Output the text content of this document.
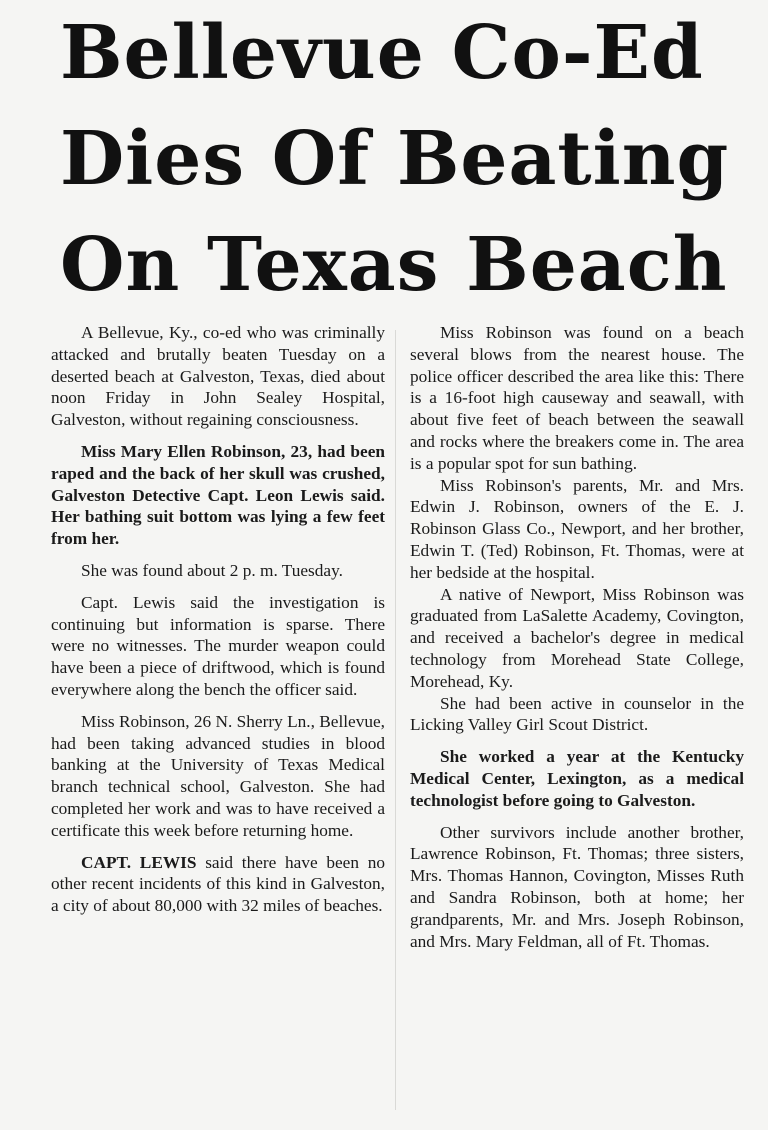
Bellevue Co-Ed
Dies Of Beating
On Texas Beach

A Bellevue, Ky., co-ed who was criminally attacked and brutally beaten Tuesday on a deserted beach at Galveston, Texas, died about noon Friday in John Sealey Hospital, Galveston, without regaining consciousness.

Miss Mary Ellen Robinson, 23, had been raped and the back of her skull was crushed, Galveston Detective Capt. Leon Lewis said. Her bathing suit bottom was lying a few feet from her.

She was found about 2 p. m. Tuesday.

Capt. Lewis said the investigation is continuing but information is sparse. There were no witnesses. The murder weapon could have been a piece of driftwood, which is found everywhere along the bench the officer said.

Miss Robinson, 26 N. Sherry Ln., Bellevue, had been taking advanced studies in blood banking at the University of Texas Medical branch technical school, Galveston. She had completed her work and was to have received a certificate this week before returning home.

CAPT. LEWIS said there have been no other recent incidents of this kind in Galveston, a city of about 80,000 with 32 miles of beaches.

Miss Robinson was found on a beach several blows from the nearest house. The police officer described the area like this: There is a 16-foot high causeway and seawall, with about five feet of beach between the seawall and rocks where the breakers come in. The area is a popular spot for sun bathing.

Miss Robinson's parents, Mr. and Mrs. Edwin J. Robinson, owners of the E. J. Robinson Glass Co., Newport, and her brother, Edwin T. (Ted) Robinson, Ft. Thomas, were at her bedside at the hospital.

A native of Newport, Miss Robinson was graduated from LaSalette Academy, Covington, and received a bachelor's degree in medical technology from Morehead State College, Morehead, Ky.

She had been active in counselor in the Licking Valley Girl Scout District.

She worked a year at the Kentucky Medical Center, Lexington, as a medical technologist before going to Galveston.

Other survivors include another brother, Lawrence Robinson, Ft. Thomas; three sisters, Mrs. Thomas Hannon, Covington, Misses Ruth and Sandra Robinson, both at home; her grandparents, Mr. and Mrs. Joseph Robinson, and Mrs. Mary Feldman, all of Ft. Thomas.
